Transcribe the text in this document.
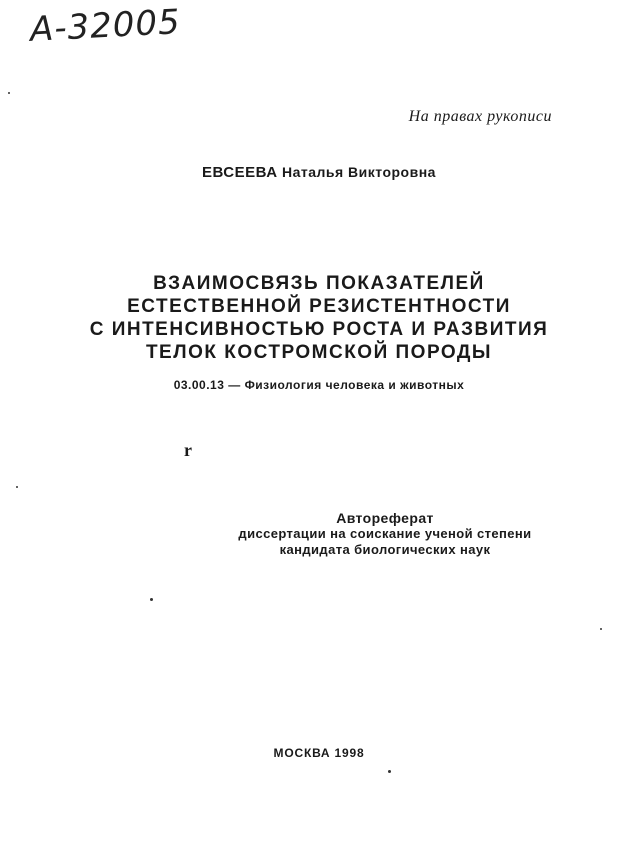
А-32005
На правах рукописи
ЕВСЕЕВА Наталья Викторовна
ВЗАИМОСВЯЗЬ ПОКАЗАТЕЛЕЙ
ЕСТЕСТВЕННОЙ РЕЗИСТЕНТНОСТИ
С ИНТЕНСИВНОСТЬЮ РОСТА И РАЗВИТИЯ
ТЕЛОК КОСТРОМСКОЙ ПОРОДЫ
03.00.13 — Физиология человека и животных
r
Автореферат
диссертации на соискание ученой степени
кандидата биологических наук
МОСКВА 1998
